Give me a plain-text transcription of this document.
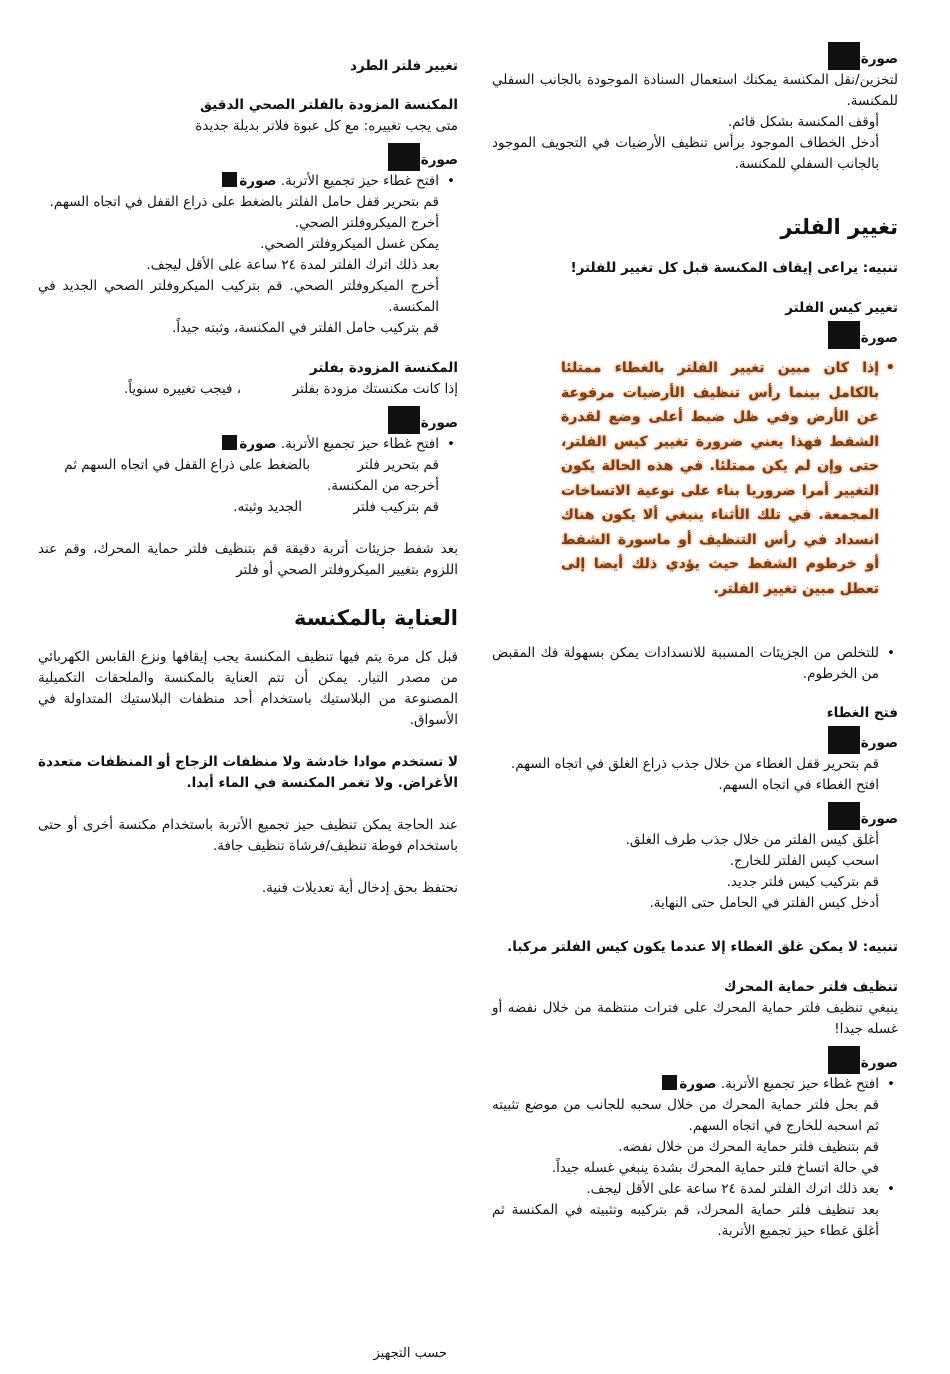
صورة

لتخزين/نقل المكنسة يمكنك استعمال السنادة الموجودة بالجانب السفلي للمكنسة.

أوقف المكنسة بشكل قائم.

أدخل الخطاف الموجود برأس تنظيف الأرضيات في التجويف الموجود بالجانب السفلي للمكنسة.

تغيير الفلتر

تنبيه: يراعى إيقاف المكنسة قبل كل تغيير للفلتر!

تغيير كيس الفلتر

صورة

• إذا كان مبين تغيير الفلتر بالغطاء ممتلئا بالكامل بينما رأس تنظيف الأرضيات مرفوعة عن الأرض وفي ظل ضبط أعلى وضع لقدرة الشفط فهذا يعني ضرورة تغيير كيس الفلتر، حتى وإن لم يكن ممتلئا. في هذه الحالة يكون التغيير أمرا ضروريا بناء على نوعية الاتساخات المجمعة. في تلك الأثناء ينبغي ألا يكون هناك انسداد في رأس التنظيف أو ماسورة الشفط أو خرطوم الشفط حيث يؤدي ذلك أيضا إلى تعطل مبين تغيير الفلتر.

• للتخلص من الجزيئات المسببة للانسدادات يمكن بسهولة فك المقبض من الخرطوم.

فتح الغطاء

صورة

قم بتحرير قفل الغطاء من خلال جذب ذراع الغلق في اتجاه السهم.

افتح الغطاء في اتجاه السهم.

صورة

أغلق كيس الفلتر من خلال جذب طرف الغلق.

اسحب كيس الفلتر للخارج.

قم بتركيب كيس فلتر جديد.

أدخل كيس الفلتر في الحامل حتى النهاية.

تنبيه: لا يمكن غلق الغطاء إلا عندما يكون كيس الفلتر مركبا.

تنظيف فلتر حماية المحرك

ينبغي تنظيف فلتر حماية المحرك على فترات منتظمة من خلال نفضه أو غسله جيدا!

صورة

• افتح غطاء حيز تجميع الأتربة. صورة

قم بحل فلتر حماية المحرك من خلال سحبه للجانب من موضع تثبيته ثم اسحبه للخارج في اتجاه السهم.

قم بتنظيف فلتر حماية المحرك من خلال نفضه.

في حالة اتساخ فلتر حماية المحرك بشدة ينبغي غسله جيداً.

• بعد ذلك اترك الفلتر لمدة ٢٤ ساعة على الأقل ليجف.

بعد تنظيف فلتر حماية المحرك، قم بتركيبه وتثبيته في المكنسة ثم أغلق غطاء حيز تجميع الأتربة.

تغيير فلتر الطرد

المكنسة المزودة بالفلتر الصحي الدقيق

متى يجب تغييره: مع كل عبوة فلاتر بديلة جديدة

صورة

• افتح غطاء حيز تجميع الأتربة. صورة

قم بتحرير قفل حامل الفلتر بالضغط على ذراع القفل في اتجاه السهم.

أخرج الميكروفلتر الصحي.

يمكن غسل الميكروفلتر الصحي.

بعد ذلك اترك الفلتر لمدة ٢٤ ساعة على الأقل ليجف.

أخرج الميكروفلتر الصحي. قم بتركيب الميكروفلتر الصحي الجديد في المكنسة.

قم بتركيب حامل الفلتر في المكنسة، وثبته جيداً.

المكنسة المزودة بفلتر

إذا كانت مكنستك مزودة بفلتر            ، فيجب تغييره سنوياً.

صورة

• افتح غطاء حيز تجميع الأتربة. صورة

قم بتحرير فلتر           بالضغط على ذراع القفل في اتجاه السهم ثم أخرجه من المكنسة.

قم بتركيب فلتر            الجديد وثبته.

بعد شفط جزيئات أتربة دقيقة قم بتنظيف فلتر حماية المحرك، وقم عند اللزوم بتغيير الميكروفلتر الصحي أو فلتر

العناية بالمكنسة

قبل كل مرة يتم فيها تنظيف المكنسة يجب إيقافها ونزع القابس الكهربائي من مصدر التيار. يمكن أن تتم العناية بالمكنسة والملحقات التكميلية المصنوعة من البلاستيك باستخدام أحد منظفات البلاستيك المتداولة في الأسواق.

لا تستخدم موادا خادشة ولا منظفات الزجاج أو المنظفات متعددة الأغراض. ولا تغمر المكنسة في الماء أبدا.

عند الحاجة يمكن تنظيف حيز تجميع الأتربة باستخدام مكنسة أخرى أو حتى باستخدام فوطة تنظيف/فرشاة تنظيف جافة.

نحتفظ بحق إدخال أية تعديلات فنية.

حسب التجهيز
